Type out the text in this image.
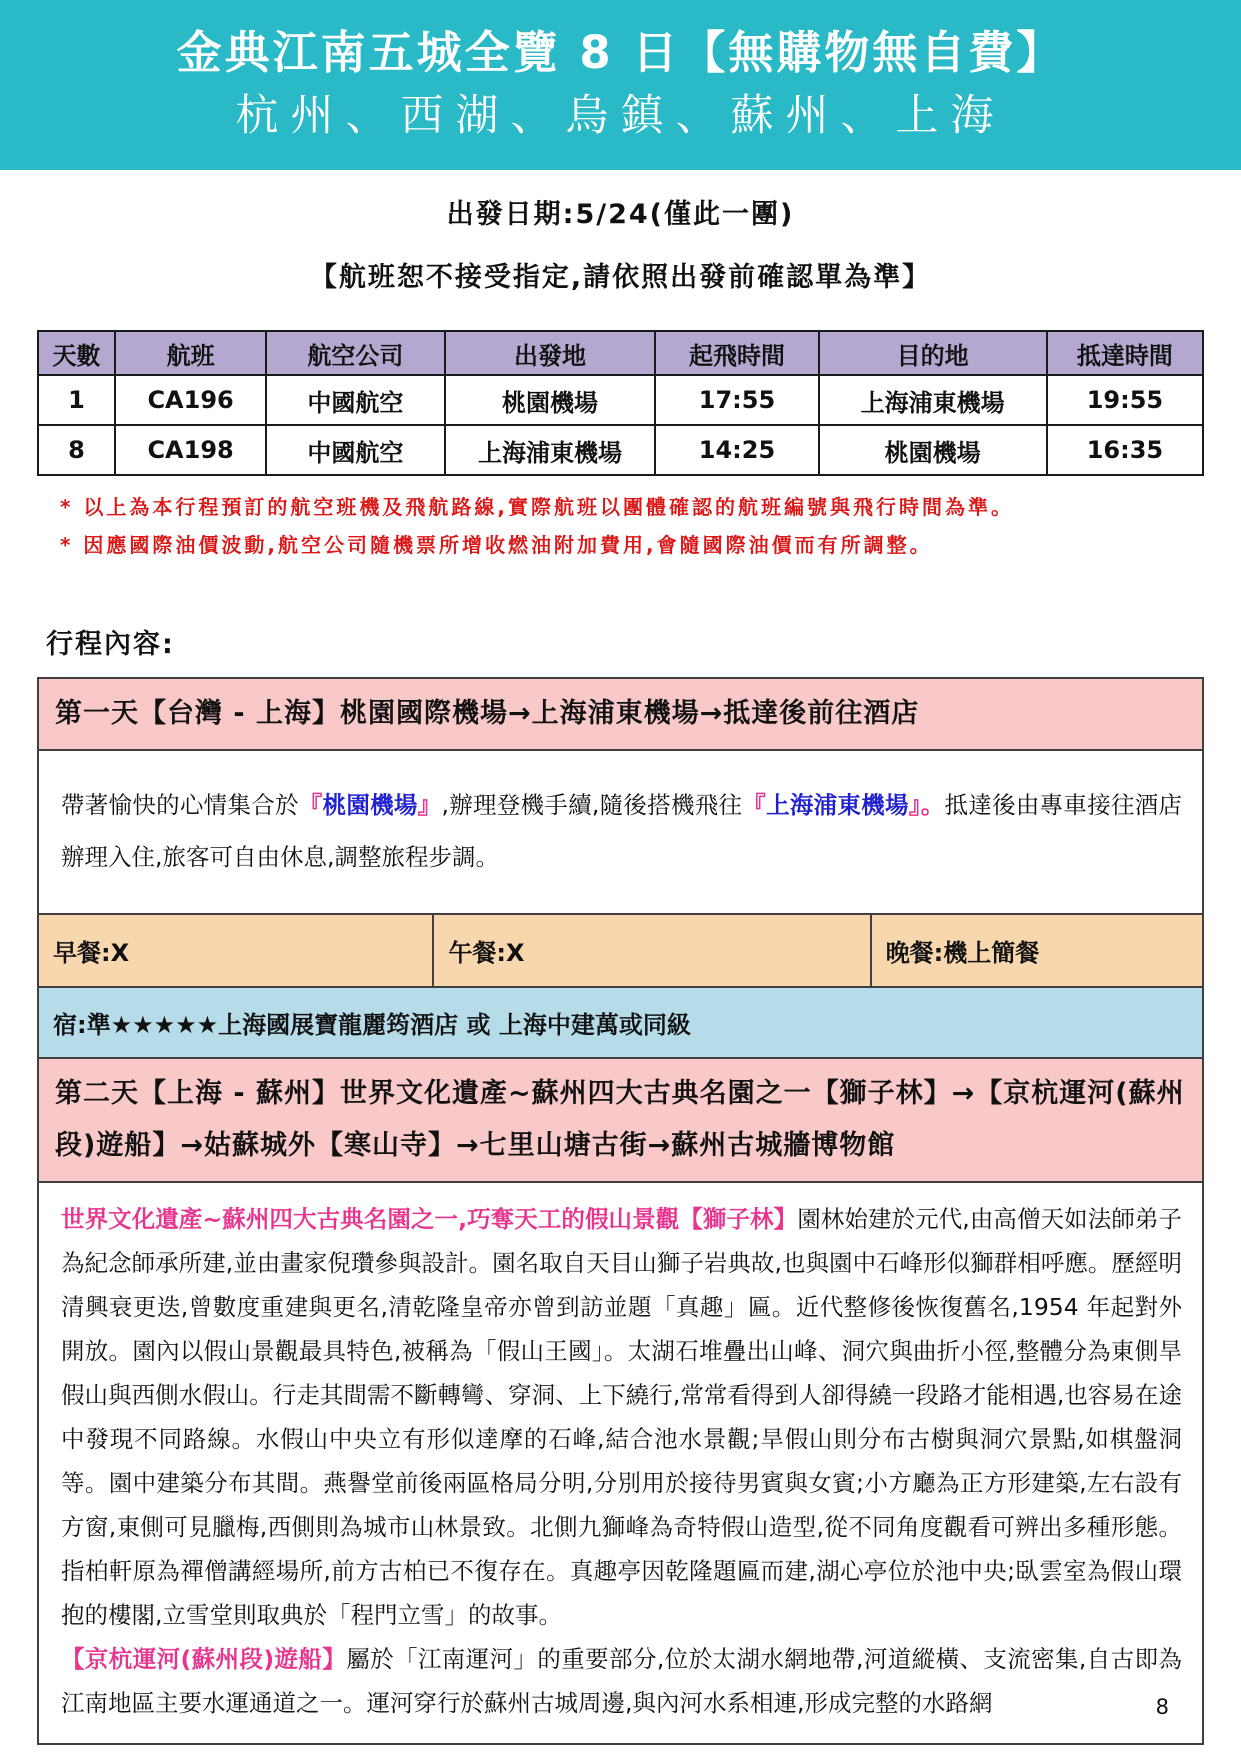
金典江南五城全覽 8 日【無購物無自費】
杭州、西湖、烏鎮、蘇州、上海
出發日期:5/24(僅此一團)
【航班恕不接受指定,請依照出發前確認單為準】
天數	航班	航空公司	出發地	起飛時間	目的地	抵達時間
1	CA196	中國航空	桃園機場	17:55	上海浦東機場	19:55
8	CA198	中國航空	上海浦東機場	14:25	桃園機場	16:35
* 以上為本行程預訂的航空班機及飛航路線,實際航班以團體確認的航班編號與飛行時間為準。
* 因應國際油價波動,航空公司隨機票所增收燃油附加費用,會隨國際油價而有所調整。
行程內容:
第一天【台灣 - 上海】桃園國際機場→上海浦東機場→抵達後前往酒店
帶著愉快的心情集合於『桃園機場』,辦理登機手續,隨後搭機飛往『上海浦東機場』。抵達後由專車接往酒店辦理入住,旅客可自由休息,調整旅程步調。
早餐:X	午餐:X	晚餐:機上簡餐
宿:準★★★★★上海國展寶龍麗筠酒店 或 上海中建萬或同級
第二天【上海 - 蘇州】世界文化遺產~蘇州四大古典名園之一【獅子林】→【京杭運河(蘇州段)遊船】→姑蘇城外【寒山寺】→七里山塘古街→蘇州古城牆博物館
世界文化遺產~蘇州四大古典名園之一,巧奪天工的假山景觀【獅子林】園林始建於元代,由高僧天如法師弟子為紀念師承所建,並由畫家倪瓚參與設計。園名取自天目山獅子岩典故,也與園中石峰形似獅群相呼應。歷經明清興衰更迭,曾數度重建與更名,清乾隆皇帝亦曾到訪並題「真趣」匾。近代整修後恢復舊名,1954 年起對外開放。園內以假山景觀最具特色,被稱為「假山王國」。太湖石堆疊出山峰、洞穴與曲折小徑,整體分為東側旱假山與西側水假山。行走其間需不斷轉彎、穿洞、上下繞行,常常看得到人卻得繞一段路才能相遇,也容易在途中發現不同路線。水假山中央立有形似達摩的石峰,結合池水景觀;旱假山則分布古樹與洞穴景點,如棋盤洞等。園中建築分布其間。燕譽堂前後兩區格局分明,分別用於接待男賓與女賓;小方廳為正方形建築,左右設有方窗,東側可見臘梅,西側則為城市山林景致。北側九獅峰為奇特假山造型,從不同角度觀看可辨出多種形態。指柏軒原為禪僧講經場所,前方古柏已不復存在。真趣亭因乾隆題匾而建,湖心亭位於池中央;臥雲室為假山環抱的樓閣,立雪堂則取典於「程門立雪」的故事。
【京杭運河(蘇州段)遊船】屬於「江南運河」的重要部分,位於太湖水網地帶,河道縱橫、支流密集,自古即為江南地區主要水運通道之一。運河穿行於蘇州古城周邊,與內河水系相連,形成完整的水路網	8
